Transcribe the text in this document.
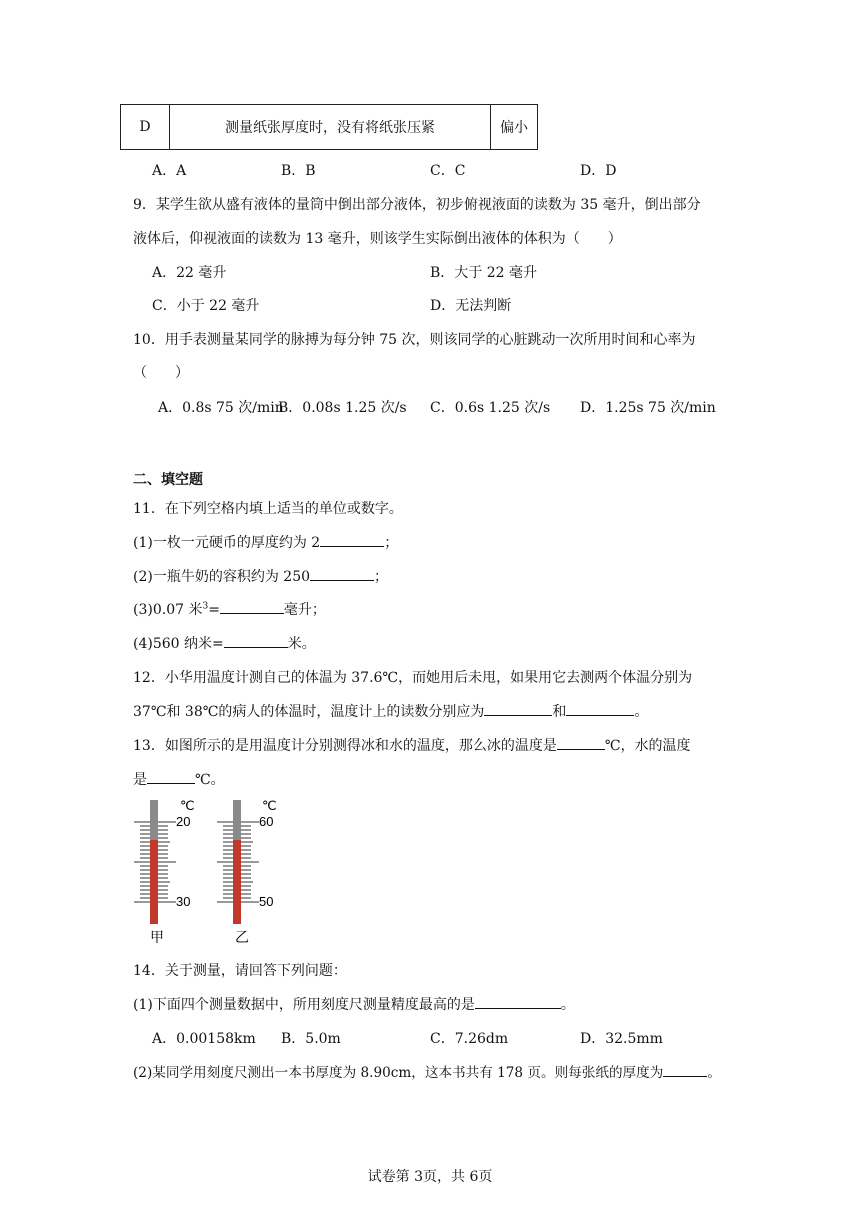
D	测量纸张厚度时，没有将纸张压紧	偏小
A．A	B．B	C．C	D．D
9．某学生欲从盛有液体的量筒中倒出部分液体，初步俯视液面的读数为 35 毫升，倒出部分
液体后，仰视液面的读数为 13 毫升，则该学生实际倒出液体的体积为（　　）
A．22 毫升	B．大于 22 毫升
C．小于 22 毫升	D．无法判断
10．用手表测量某同学的脉搏为每分钟 75 次，则该同学的心脏跳动一次所用时间和心率为
（　　）
A．0.8s 75 次/min
B．0.08s 1.25 次/s C．0.6s 1.25 次/s D．1.25s 75 次/min
二、填空题
11．在下列空格内填上适当的单位或数字。
(1)一枚一元硬币的厚度约为 2	；
(2)一瓶牛奶的容积约为 250	；
(3)0.07 米$^3$=	毫升；
(4)560 纳米=	米。
12．小华用温度计测自己的体温为 37.6℃，而她用后未甩，如果用它去测两个体温分别为
37℃和 38℃的病人的体温时，温度计上的读数分别应为	和	。
13．如图所示的是用温度计分别测得冰和水的温度，那么冰的温度是	℃，水的温度
是	℃。
℃
20
30
甲
℃
60
50
乙
14．关于测量，请回答下列问题：
(1)下面四个测量数据中，所用刻度尺测量精度最高的是	。
A．0.00158km B．5.0m	C．7.26dm	D．32.5mm
(2)某同学用刻度尺测出一本书厚度为 8.90cm，这本书共有 178 页。则每张纸的厚度为	。
试卷第 3页，共 6页
